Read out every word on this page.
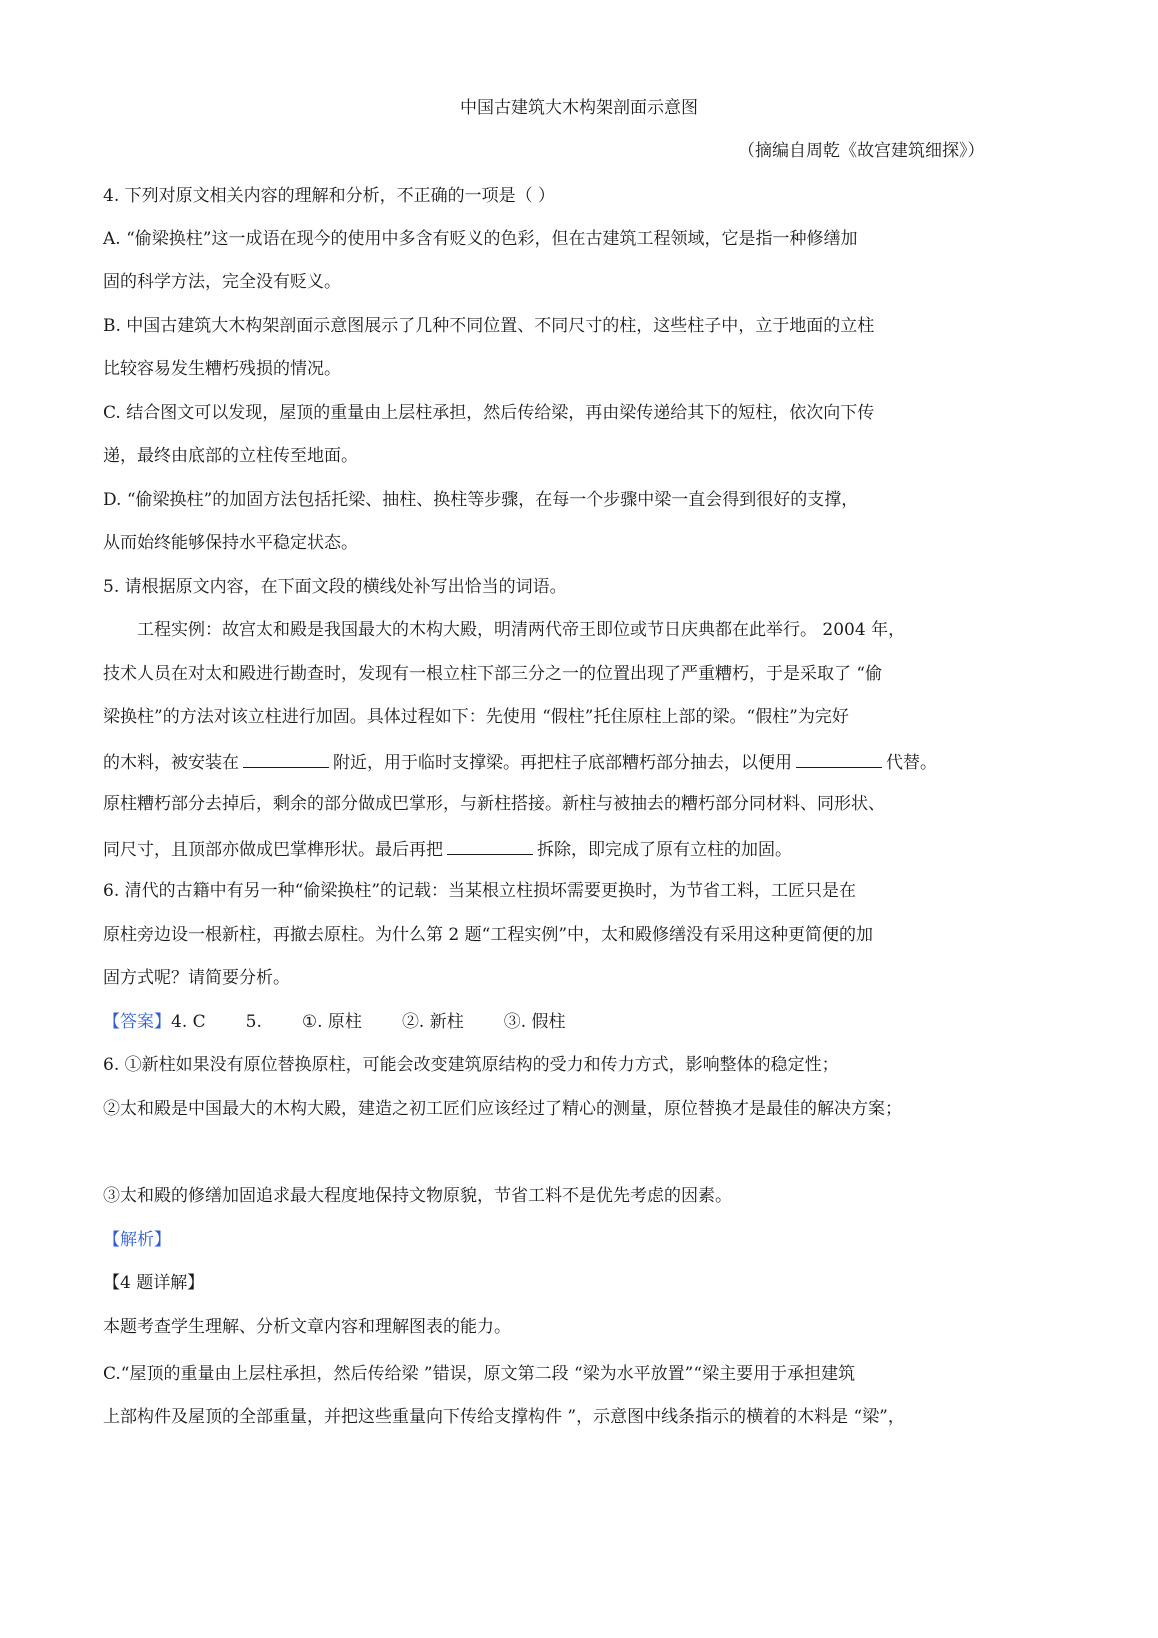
中国古建筑大木构架剖面示意图
（摘编自周乾《故宫建筑细探》）
4. 下列对原文相关内容的理解和分析，不正确的一项是（ ）
A. “偷梁换柱”这一成语在现今的使用中多含有贬义的色彩，但在古建筑工程领域，它是指一种修缮加
固的科学方法，完全没有贬义。
B. 中国古建筑大木构架剖面示意图展示了几种不同位置、不同尺寸的柱，这些柱子中，立于地面的立柱
比较容易发生糟朽残损的情况。
C. 结合图文可以发现，屋顶的重量由上层柱承担，然后传给梁，再由梁传递给其下的短柱，依次向下传
递，最终由底部的立柱传至地面。
D. “偷梁换柱”的加固方法包括托梁、抽柱、换柱等步骤，在每一个步骤中梁一直会得到很好的支撑，
从而始终能够保持水平稳定状态。
5. 请根据原文内容，在下面文段的横线处补写出恰当的词语。
工程实例：故宫太和殿是我国最大的木构大殿，明清两代帝王即位或节日庆典都在此举行。 2004 年，
技术人员在对太和殿进行勘查时，发现有一根立柱下部三分之一的位置出现了严重糟朽，于是采取了 “偷
梁换柱”的方法对该立柱进行加固。具体过程如下：先使用 “假柱”托住原柱上部的梁。“假柱”为完好
的木料，被安装在	附近，用于临时支撑梁。再把柱子底部糟朽部分抽去，以便用	代替。
原柱糟朽部分去掉后，剩余的部分做成巴掌形，与新柱搭接。新柱与被抽去的糟朽部分同材料、同形状、
同尺寸，且顶部亦做成巴掌榫形状。最后再把	拆除，即完成了原有立柱的加固。
6. 清代的古籍中有另一种“偷梁换柱”的记载：当某根立柱损坏需要更换时，为节省工料，工匠只是在
原柱旁边设一根新柱，再撤去原柱。为什么第 2 题“工程实例”中，太和殿修缮没有采用这种更简便的加
固方式呢？请简要分析。
【答案】4. C 5. ①. 原柱 ②. 新柱 ③. 假柱
6. ①新柱如果没有原位替换原柱，可能会改变建筑原结构的受力和传力方式，影响整体的稳定性；
②太和殿是中国最大的木构大殿，建造之初工匠们应该经过了精心的测量，原位替换才是最佳的解决方案；
③太和殿的修缮加固追求最大程度地保持文物原貌，节省工料不是优先考虑的因素。
【解析】
【4 题详解】
本题考查学生理解、分析文章内容和理解图表的能力。
C.“屋顶的重量由上层柱承担，然后传给梁 ”错误，原文第二段 “梁为水平放置”“梁主要用于承担建筑
上部构件及屋顶的全部重量，并把这些重量向下传给支撑构件 ”，示意图中线条指示的横着的木料是 “梁”，
